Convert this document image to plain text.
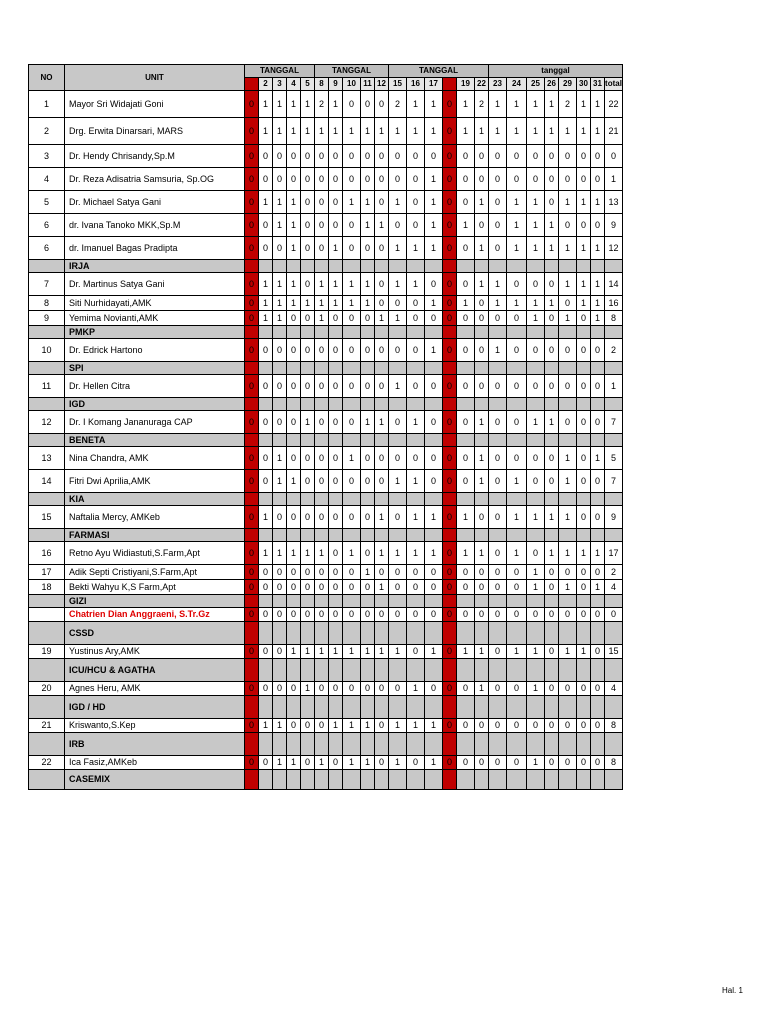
NO	UNIT	TANGGAL					TANGGAL					TANGGAL						tanggal							
		1	2	3	4	5	8	9	10	11	12	15	16	17	18	19	22	23	24	25	26	29	30	31	total
1	Mayor Sri Widajati Goni	0	1	1	1	1	2	1	0	0	0	2	1	1	0	1	2	1	1	1	1	2	1	1	22
2	Drg. Erwita Dinarsari, MARS	0	1	1	1	1	1	1	1	1	1	1	1	1	0	1	1	1	1	1	1	1	1	1	21
3	Dr. Hendy Chrisandy,Sp.M	0	0	0	0	0	0	0	0	0	0	0	0	0	0	0	0	0	0	0	0	0	0	0	0
4	Dr. Reza Adisatria Samsuria, Sp.OG	0	0	0	0	0	0	0	0	0	0	0	0	1	0	0	0	0	0	0	0	0	0	0	1
5	Dr. Michael Satya Gani	0	1	1	1	0	0	0	1	1	0	1	0	1	0	0	1	0	1	1	0	1	1	1	13
6	dr. Ivana Tanoko MKK,Sp.M	0	0	1	1	0	0	0	0	1	1	0	0	1	0	1	0	0	1	1	1	0	0	0	9
6	dr. Imanuel Bagas Pradipta	0	0	0	1	0	0	1	0	0	0	1	1	1	0	0	1	0	1	1	1	1	1	1	12
	IRJA																								
7	Dr. Martinus Satya Gani	0	1	1	1	0	1	1	1	1	0	1	1	0	0	0	1	1	0	0	0	1	1	1	14
8	Siti Nurhidayati,AMK	0	1	1	1	1	1	1	1	1	0	0	0	1	0	1	0	1	1	1	1	0	1	1	16
9	Yemima Novianti,AMK	0	1	1	0	0	1	0	0	0	1	1	0	0	0	0	0	0	0	1	0	1	0	1	8
	PMKP																								
10	Dr. Edrick Hartono	0	0	0	0	0	0	0	0	0	0	0	0	1	0	0	0	1	0	0	0	0	0	0	2
	SPI																								
11	Dr. Hellen Citra	0	0	0	0	0	0	0	0	0	0	1	0	0	0	0	0	0	0	0	0	0	0	0	1
	IGD																								
12	Dr. I Komang Jananuraga CAP	0	0	0	0	1	0	0	0	1	1	0	1	0	0	0	1	0	0	1	1	0	0	0	7
	BENETA																								
13	Nina Chandra, AMK	0	0	1	0	0	0	0	1	0	0	0	0	0	0	0	1	0	0	0	0	1	0	1	5
14	Fitri Dwi Aprilia,AMK	0	0	1	1	0	0	0	0	0	0	1	1	0	0	0	1	0	1	0	0	1	0	0	7
	KIA																								
15	Naftalia Mercy, AMKeb	0	1	0	0	0	0	0	0	0	1	0	1	1	0	1	0	0	1	1	1	1	0	0	9
	FARMASI																								
16	Retno Ayu Widiastuti,S.Farm,Apt	0	1	1	1	1	1	0	1	0	1	1	1	1	0	1	1	0	1	0	1	1	1	1	17
17	Adik Septi Cristiyani,S.Farm,Apt	0	0	0	0	0	0	0	0	1	0	0	0	0	0	0	0	0	0	1	0	0	0	0	2
18	Bekti Wahyu K,S Farm,Apt	0	0	0	0	0	0	0	0	0	1	0	0	0	0	0	0	0	0	1	0	1	0	1	4
	GIZI																								
	Chatrien Dian Anggraeni, S.Tr.Gz	0	0	0	0	0	0	0	0	0	0	0	0	0	0	0	0	0	0	0	0	0	0	0	0
	CSSD																								
19	Yustinus Ary,AMK	0	0	0	1	1	1	1	1	1	1	1	0	1	0	1	1	0	1	1	0	1	1	0	15
	ICU/HCU & AGATHA																								
20	Agnes Heru, AMK	0	0	0	0	1	0	0	0	0	0	0	1	0	0	0	1	0	0	1	0	0	0	0	4
	IGD / HD																								
21	Kriswanto,S.Kep	0	1	1	0	0	0	1	1	1	0	1	1	1	0	0	0	0	0	0	0	0	0	0	8
	IRB																								
22	Ica Fasiz,AMKeb	0	0	1	1	0	1	0	1	1	0	1	0	1	0	0	0	0	0	1	0	0	0	0	8
	CASEMIX																								
Hal. 1
